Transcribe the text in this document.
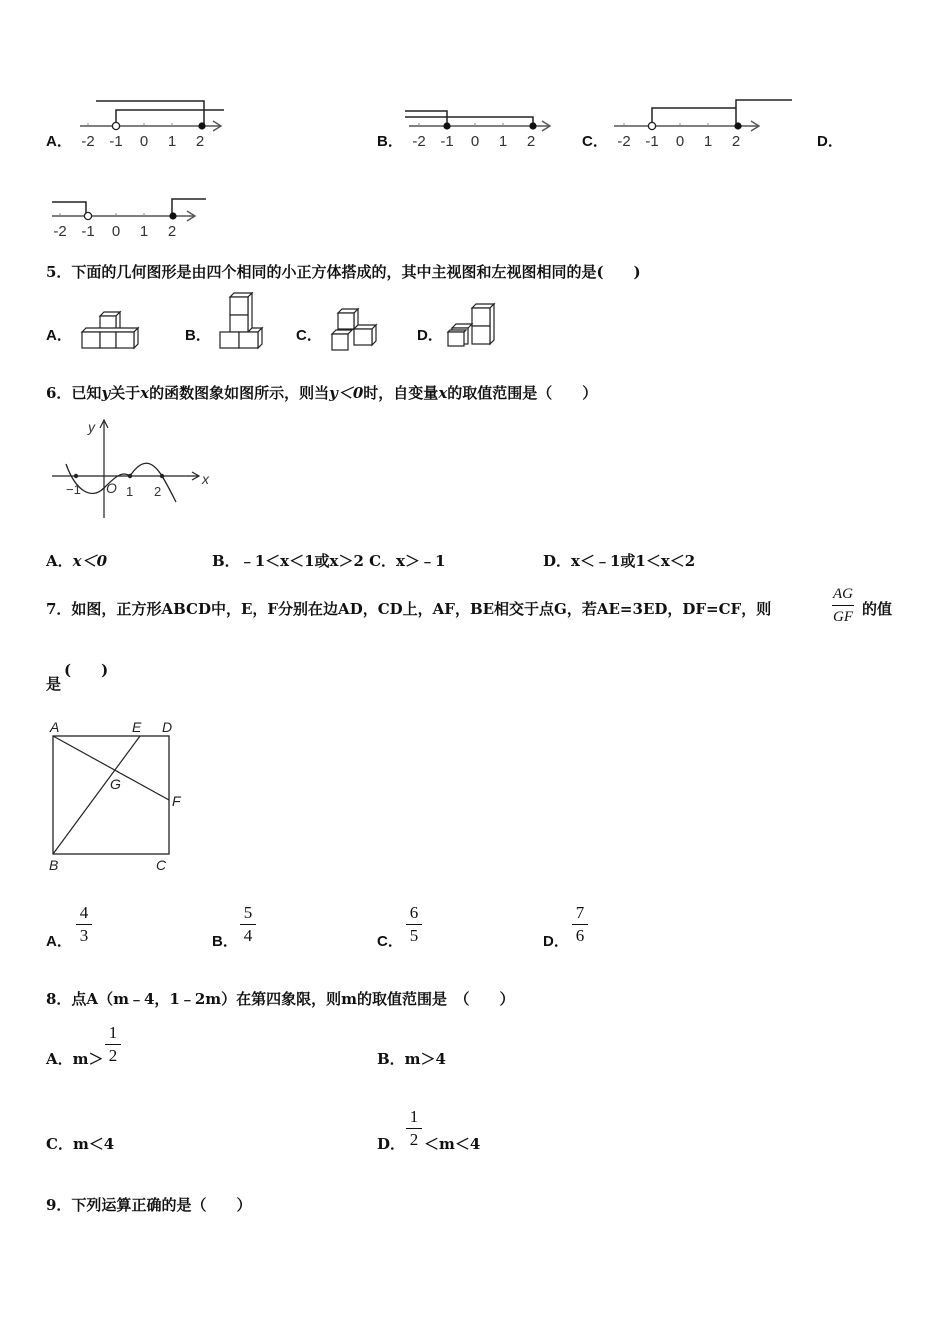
A． -2 -1 0 1 2	B． -2 -1 0 1 2	C． -2 -1 0 1 2	D．
-2 -1 0 1 2
5．下面的几何图形是由四个相同的小正方体搭成的，其中主视图和左视图相同的是(　　)
A．	B．	C．	D．
6．已知y关于x的函数图象如图所示，则当y＜0时，自变量x的取值范围是（　　）
y
x
O
−1	1 2
A．x＜0	B．﹣1＜x＜1或x＞2 C．x＞﹣1	D．x＜﹣1或1＜x＜2
7．如图，正方形ABCD中，E，F分别在边AD，CD上，AF，BE相交于点G，若AE=3ED，DF=CF，则
AG
GF 的值
是
(　　)
A	E D
F
G
B	C
A．
4
3	B．
5
4	C．
6
5	D．
7
6
8．点A（m﹣4，1﹣2m）在第四象限，则m的取值范围是　（　　）
A．m＞
1
2	B．m＞4
C．m＜4	D．
1
2 ＜m＜4
9．下列运算正确的是（　　）
